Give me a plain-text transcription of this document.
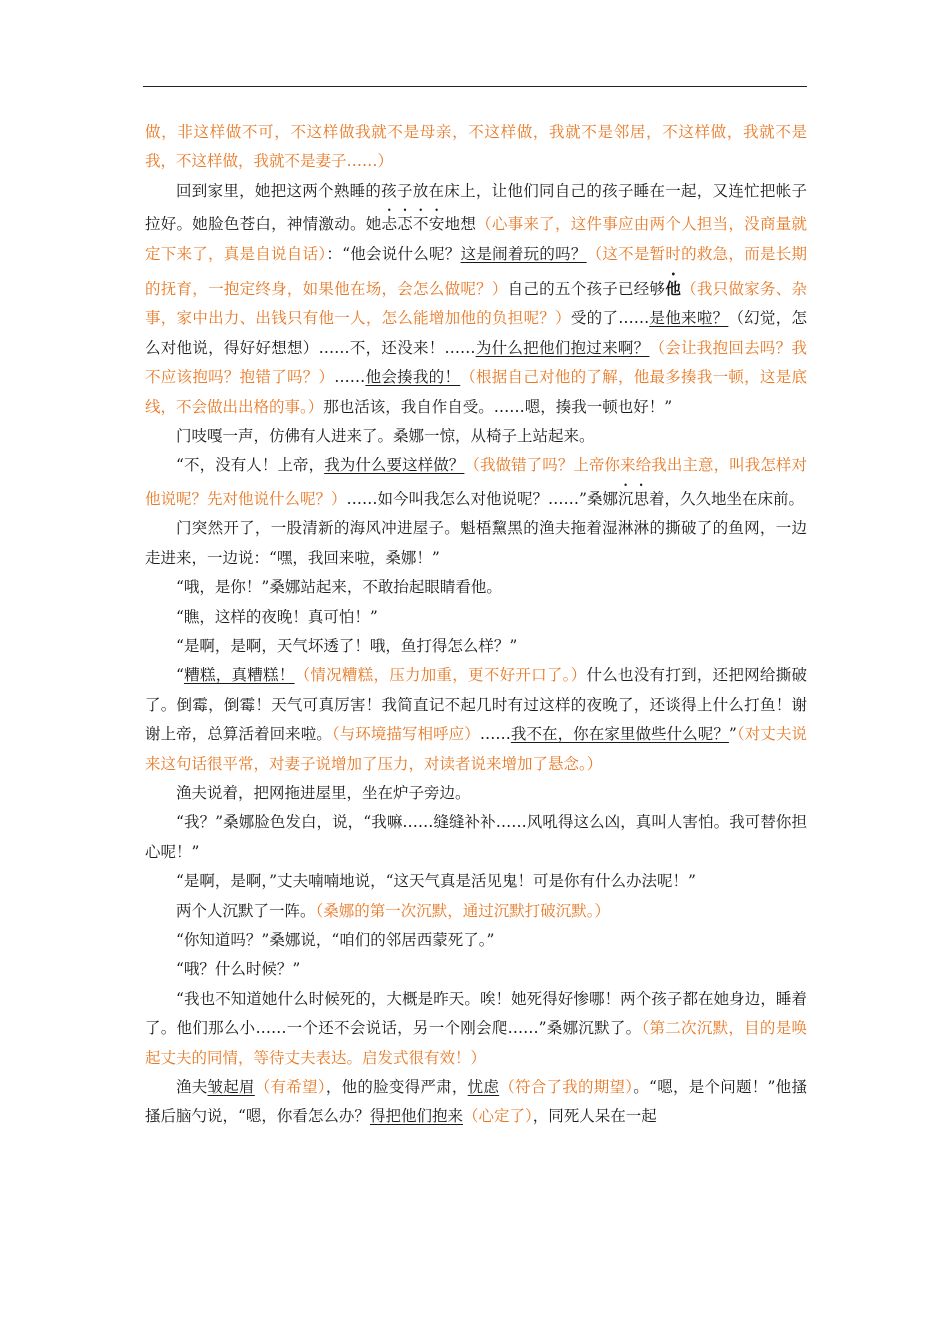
做，非这样做不可，不这样做我就不是母亲，不这样做，我就不是邻居，不这样做，我就不是我，不这样做，我就不是妻子……）

回到家里，她把这两个熟睡的孩子放在床上，让他们同自己的孩子睡在一起，又连忙把帐子拉好。她脸色苍白，神情激动。她忐忑不安地想（心事来了，这件事应由两个人担当，没商量就定下来了，真是自说自话）：“他会说什么呢？这是闹着玩的吗？（这不是暂时的救急，而是长期的抚育，一抱定终身，如果他在场，会怎么做呢？）自己的五个孩子已经够他（我只做家务、杂事，家中出力、出钱只有他一人，怎么能增加他的负担呢？）受的了……是他来啦？（幻觉，怎么对他说，得好好想想）……不，还没来！……为什么把他们抱过来啊？（会让我抱回去吗？我不应该抱吗？抱错了吗？）……他会揍我的！（根据自己对他的了解，他最多揍我一顿，这是底线，不会做出出格的事。）那也活该，我自作自受。……嗯，揍我一顿也好！”

门吱嘎一声，仿佛有人进来了。桑娜一惊，从椅子上站起来。

“不，没有人！上帝，我为什么要这样做？（我做错了吗？上帝你来给我出主意，叫我怎样对他说呢？先对他说什么呢？）……如今叫我怎么对他说呢？……”桑娜沉思着，久久地坐在床前。

门突然开了，一股清新的海风冲进屋子。魁梧黧黑的渔夫拖着湿淋淋的撕破了的鱼网，一边走进来，一边说：“嘿，我回来啦，桑娜！”

“哦，是你！”桑娜站起来，不敢抬起眼睛看他。

“瞧，这样的夜晚！真可怕！”

“是啊，是啊，天气坏透了！哦，鱼打得怎么样？”

“糟糕，真糟糕！（情况糟糕，压力加重，更不好开口了。）什么也没有打到，还把网给撕破了。倒霉，倒霉！天气可真厉害！我简直记不起几时有过这样的夜晚了，还谈得上什么打鱼！谢谢上帝，总算活着回来啦。（与环境描写相呼应）……我不在，你在家里做些什么呢？”（对丈夫说来这句话很平常，对妻子说增加了压力，对读者说来增加了悬念。）

渔夫说着，把网拖进屋里，坐在炉子旁边。

“我？”桑娜脸色发白，说，“我嘛……缝缝补补……风吼得这么凶，真叫人害怕。我可替你担心呢！”

“是啊，是啊，”丈夫喃喃地说，“这天气真是活见鬼！可是你有什么办法呢！”

两个人沉默了一阵。（桑娜的第一次沉默，通过沉默打破沉默。）

“你知道吗？”桑娜说，“咱们的邻居西蒙死了。”

“哦？什么时候？”

“我也不知道她什么时候死的，大概是昨天。唉！她死得好惨哪！两个孩子都在她身边，睡着了。他们那么小……一个还不会说话，另一个刚会爬……”桑娜沉默了。（第二次沉默，目的是唤起丈夫的同情，等待丈夫表达。启发式很有效！）

渔夫皱起眉（有希望），他的脸变得严肃，忧虑（符合了我的期望）。“嗯，是个问题！”他搔搔后脑勺说，“嗯，你看怎么办？得把他们抱来（心定了），同死人呆在一起
